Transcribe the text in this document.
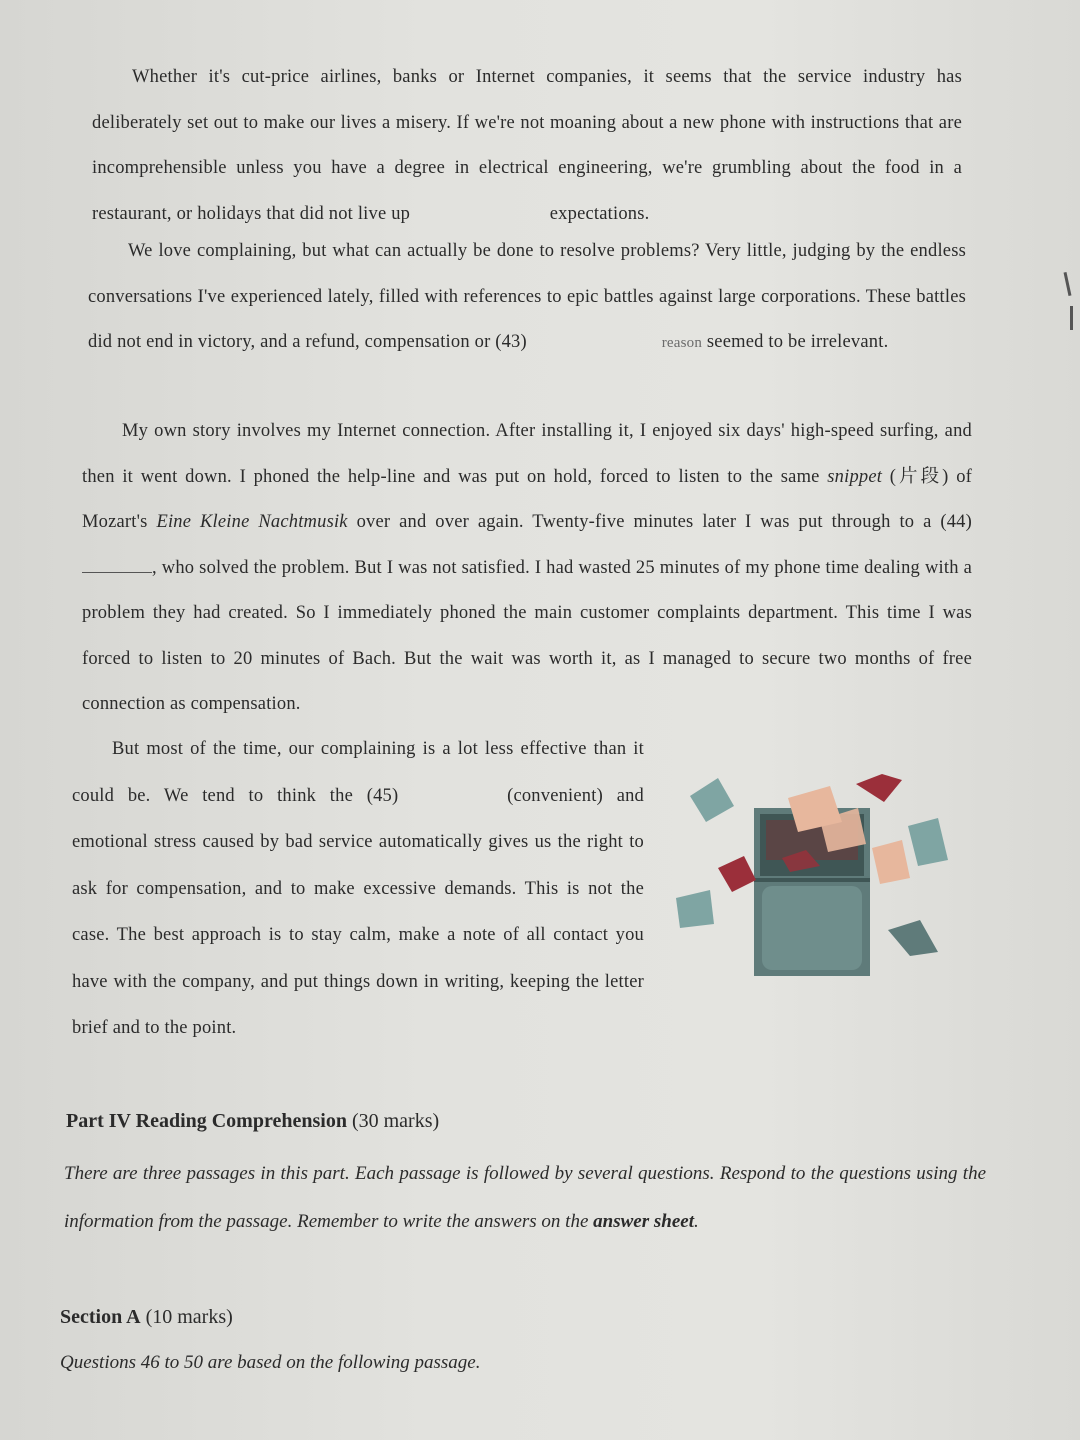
Whether it's cut-price airlines, banks or Internet companies, it seems that the service industry has deliberately set out to make our lives a misery. If we're not moaning about a new phone with instructions that are incomprehensible unless you have a degree in electrical engineering, we're grumbling about the food in a restaurant, or holidays that did not live up	expectations.

We love complaining, but what can actually be done to resolve problems? Very little, judging by the endless conversations I've experienced lately, filled with references to epic battles against large corporations. These battles did not end in victory, and a refund, compensation or (43)	reason seemed to be irrelevant.

My own story involves my Internet connection. After installing it, I enjoyed six days' high-speed surfing, and then it went down. I phoned the help-line and was put on hold, forced to listen to the same snippet (片段) of Mozart's Eine Kleine Nachtmusik over and over again. Twenty-five minutes later I was put through to a (44) , who solved the problem. But I was not satisfied. I had wasted 25 minutes of my phone time dealing with a problem they had created. So I immediately phoned the main customer complaints department. This time I was forced to listen to 20 minutes of Bach. But the wait was worth it, as I managed to secure two months of free connection as compensation.

But most of the time, our complaining is a lot less effective than it could be. We tend to think the (45)	(convenient) and emotional stress caused by bad service automatically gives us the right to ask for compensation, and to make excessive demands. This is not the case. The best approach is to stay calm, make a note of all contact you have with the company, and put things down in writing, keeping the letter brief and to the point.

Part IV Reading Comprehension (30 marks)

There are three passages in this part. Each passage is followed by several questions. Respond to the questions using the information from the passage. Remember to write the answers on the answer sheet.

Section A (10 marks)
Questions 46 to 50 are based on the following passage.
